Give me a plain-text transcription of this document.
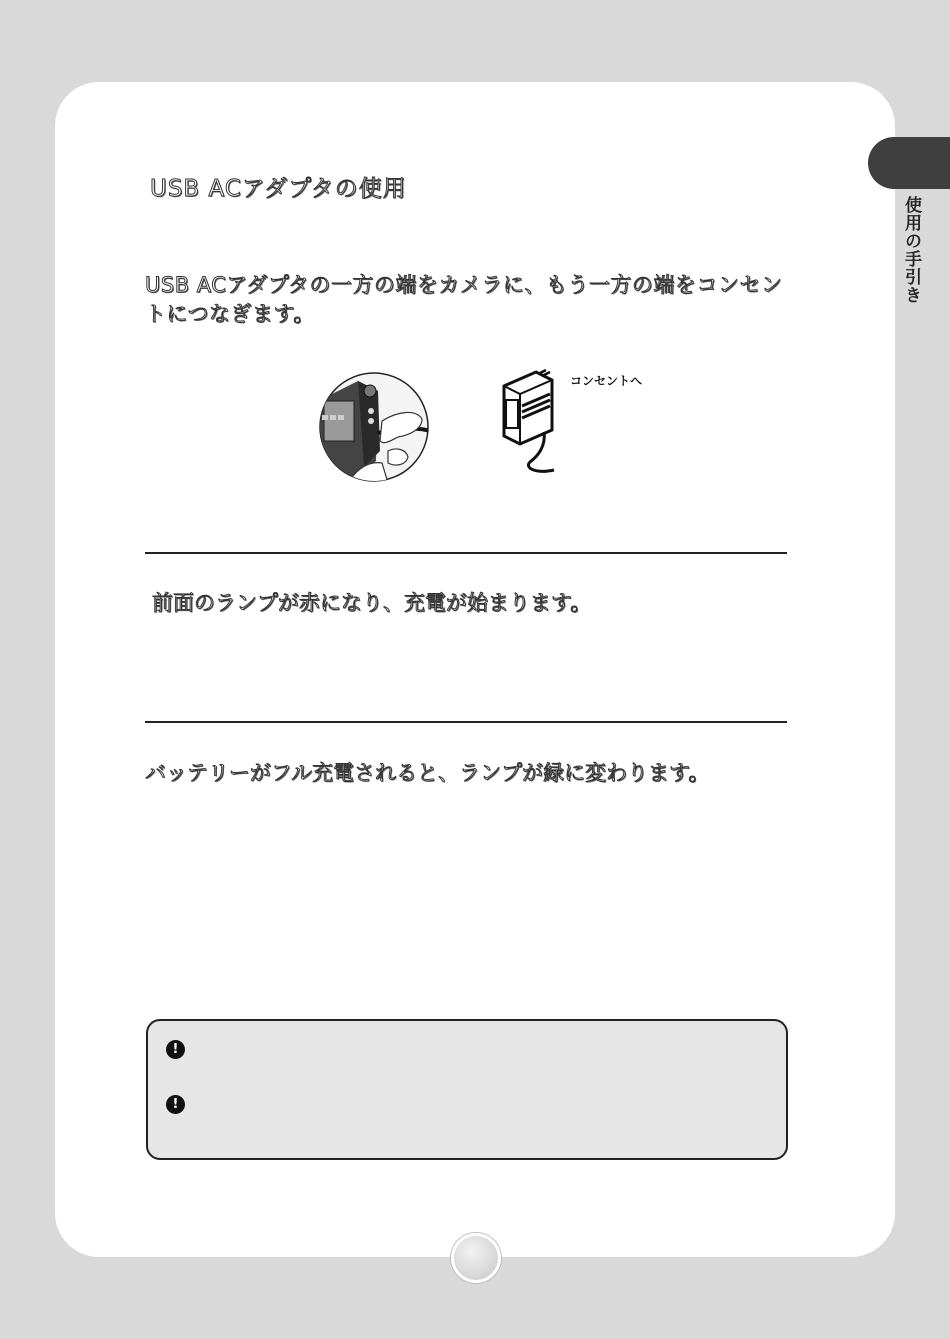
使用の手引き
USB ACアダプタの使用
USB ACアダプタの一方の端をカメラに、もう一方の端をコンセントにつなぎます。
コンセントへ
前面のランプが赤になり、充電が始まります。
バッテリーがフル充電されると、ランプが緑に変わります。
!
!
